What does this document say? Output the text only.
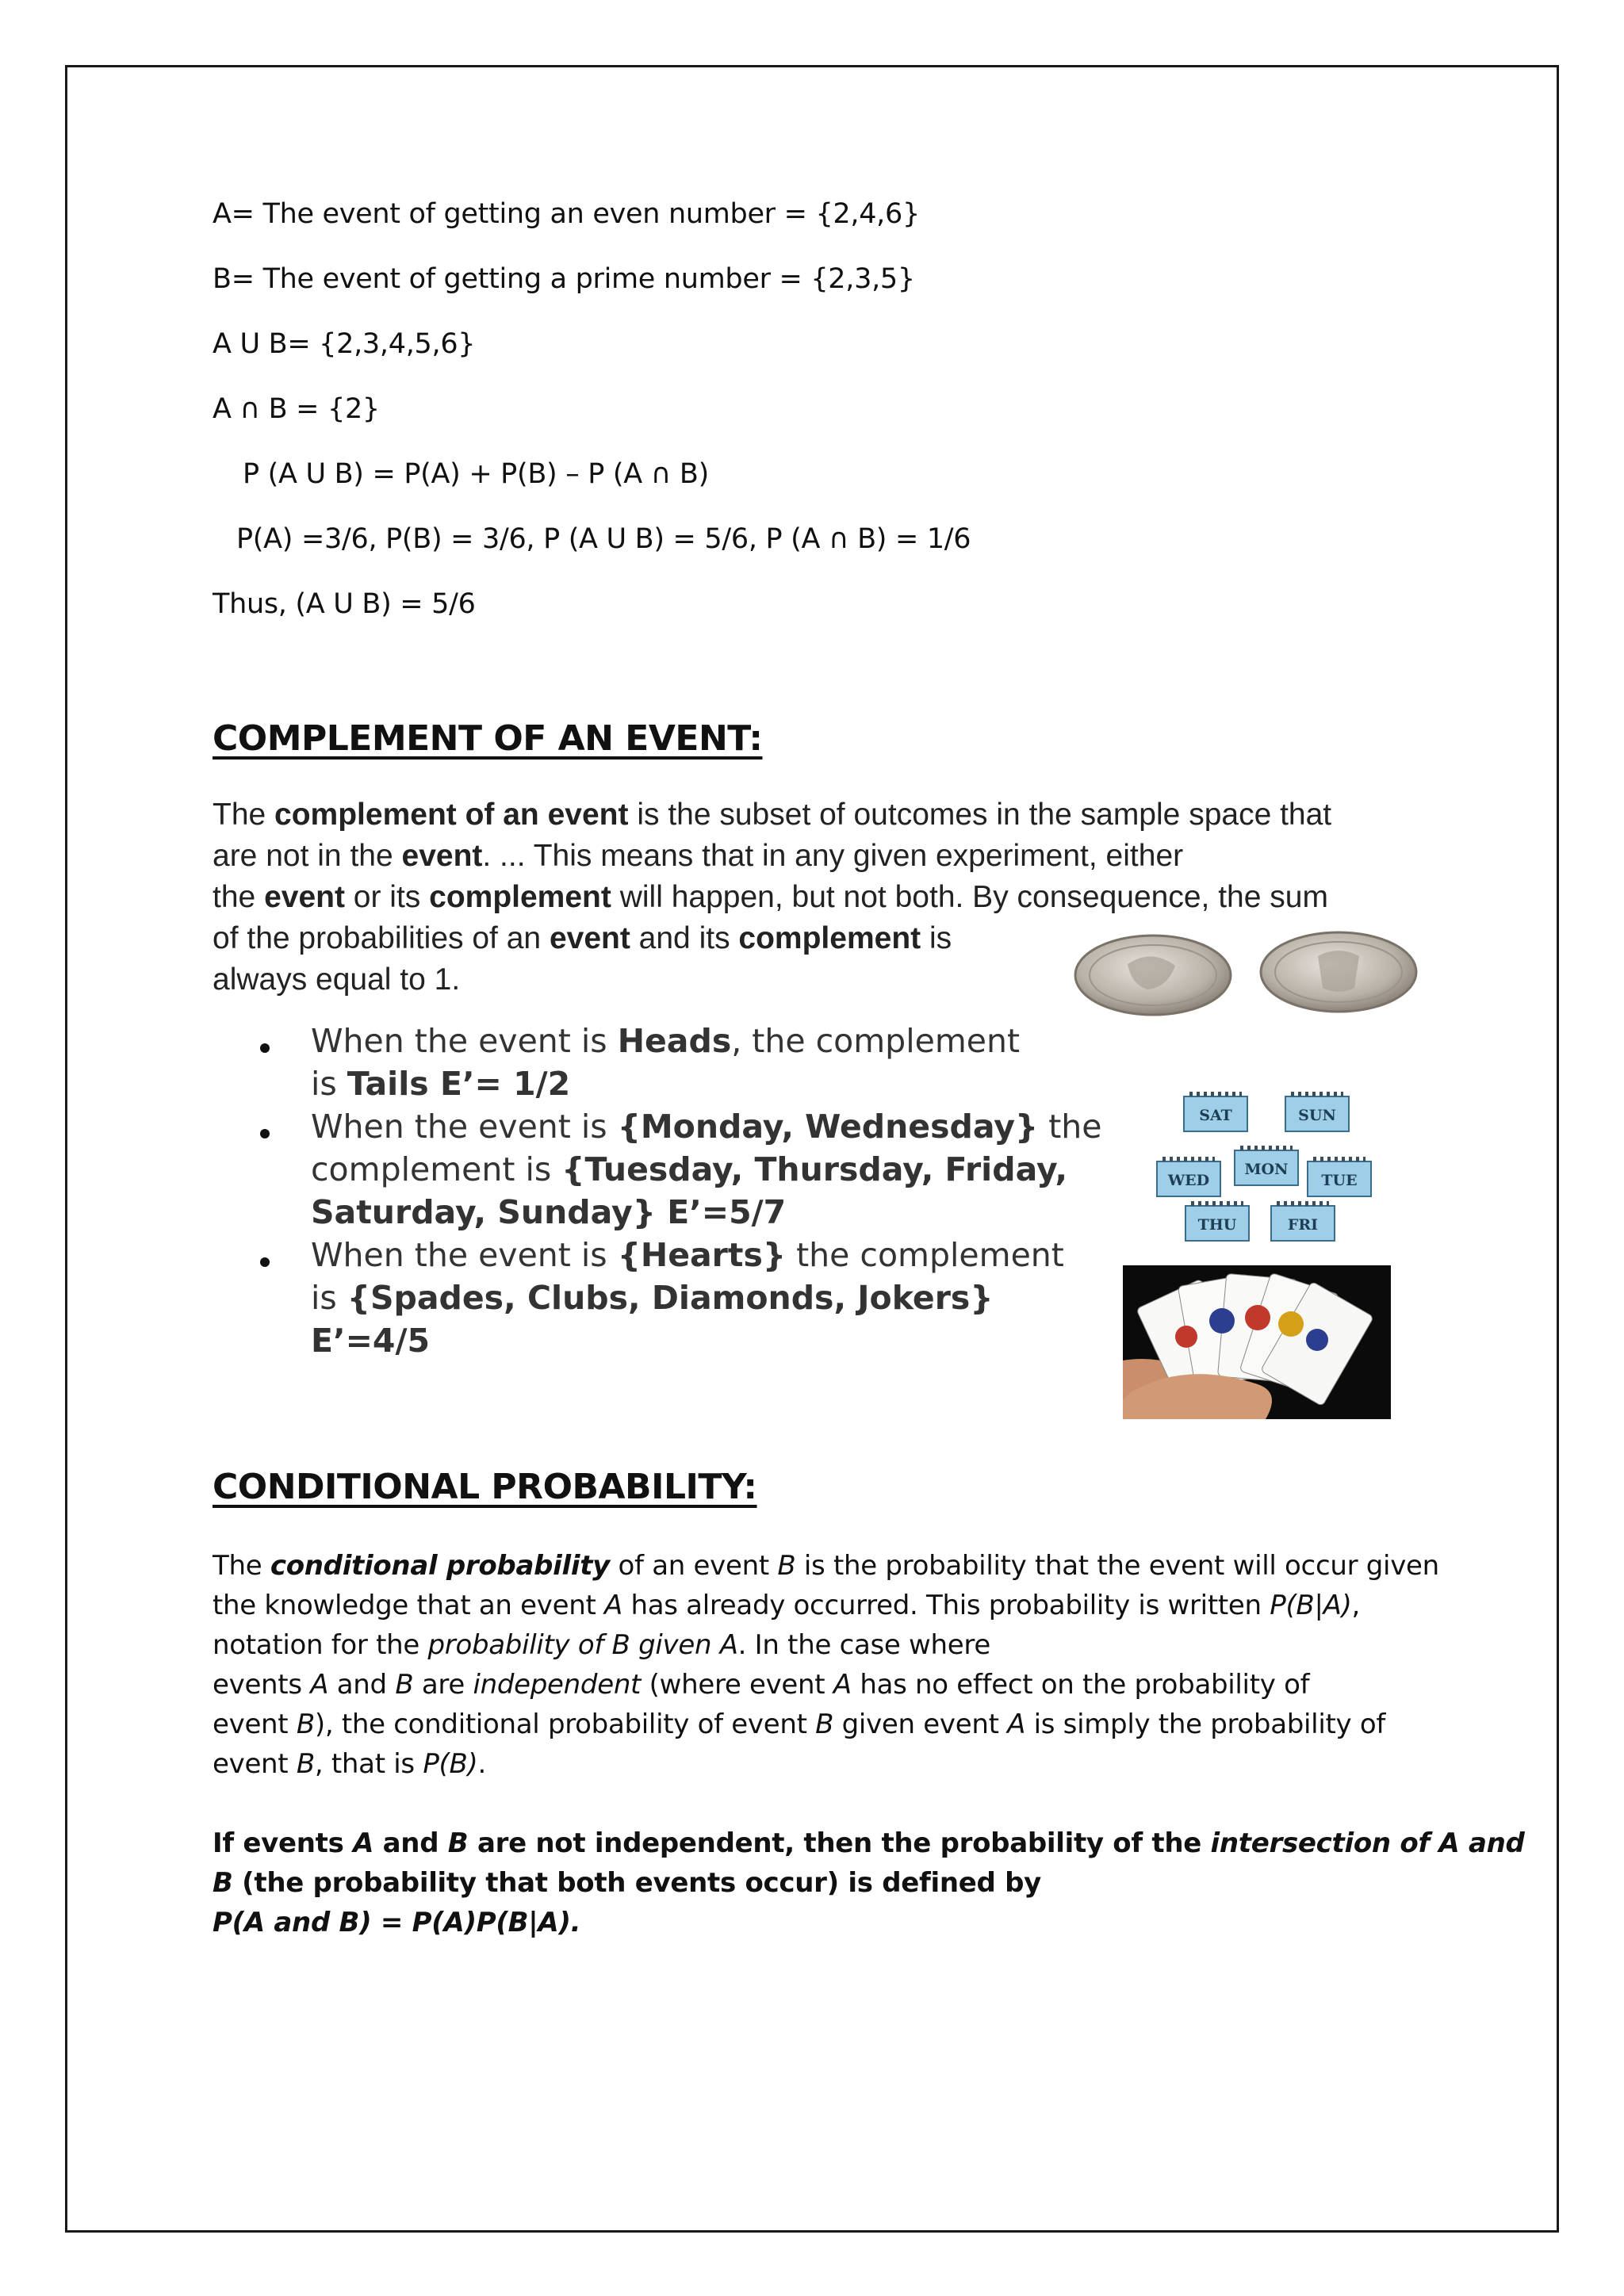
A= The event of getting an even number = {2,4,6}
B= The event of getting a prime number = {2,3,5}
A U B= {2,3,4,5,6}
A ∩ B = {2}
P (A U B) = P(A) + P(B) – P (A ∩ B)
P(A) =3/6, P(B) = 3/6, P (A U B) = 5/6, P (A ∩ B) = 1/6
Thus, (A U B) = 5/6
COMPLEMENT OF AN EVENT:
The complement of an event is the subset of outcomes in the sample space that
are not in the event. ... This means that in any given experiment, either
the event or its complement will happen, but not both. By consequence, the sum
of the probabilities of an event and its complement is
always equal to 1.
When the event is Heads, the complement
is Tails E’= 1/2
When the event is {Monday, Wednesday} the
complement is {Tuesday, Thursday, Friday,
Saturday, Sunday} E’=5/7
When the event is {Hearts} the complement
is {Spades, Clubs, Diamonds, Jokers}
E’=4/5
SAT	SUN
WED
MON
TUE
THU	FRI
CONDITIONAL PROBABILITY:
The conditional probability of an event B is the probability that the event will occur given
the knowledge that an event A has already occurred. This probability is written P(B|A),
notation for the probability of B given A. In the case where
events A and B are independent (where event A has no effect on the probability of
event B), the conditional probability of event B given event A is simply the probability of
event B, that is P(B).
If events A and B are not independent, then the probability of the intersection of A and
B (the probability that both events occur) is defined by
P(A and B) = P(A)P(B|A).
